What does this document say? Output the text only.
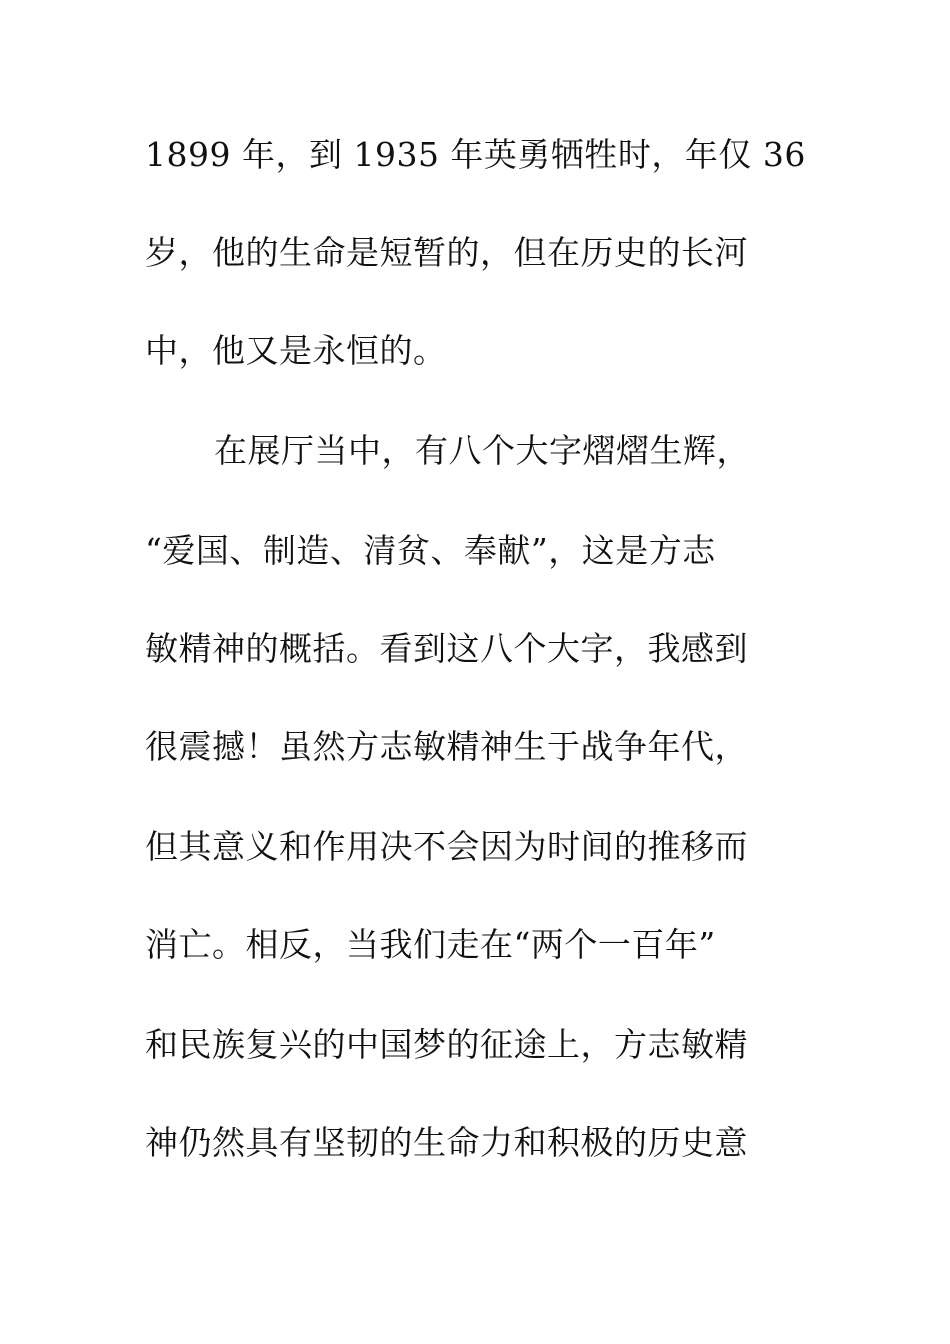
1899 年，到 1935 年英勇牺牲时，年仅 36
岁，他的生命是短暂的，但在历史的长河
中，他又是永恒的。
在展厅当中，有八个大字熠熠生辉，
“爱国、制造、清贫、奉献”，这是方志
敏精神的概括。看到这八个大字，我感到
很震撼！虽然方志敏精神生于战争年代，
但其意义和作用决不会因为时间的推移而
消亡。相反，当我们走在“两个一百年”
和民族复兴的中国梦的征途上，方志敏精
神仍然具有坚韧的生命力和积极的历史意
